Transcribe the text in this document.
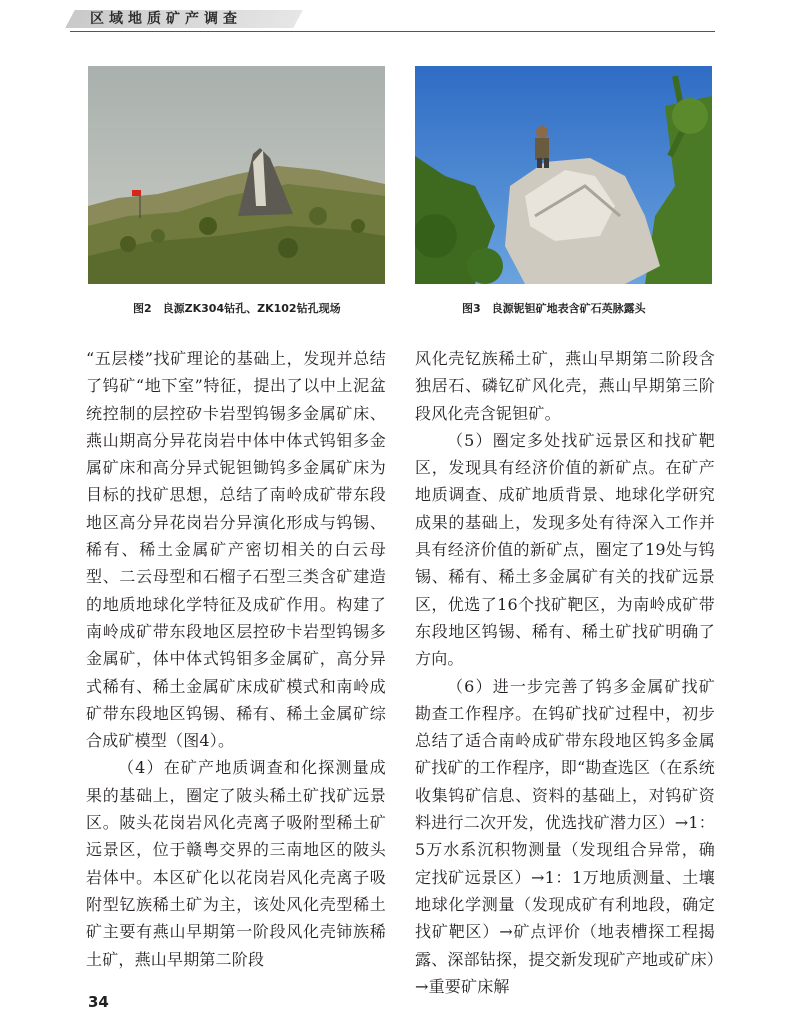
区域地质矿产调查
图2　良源ZK304钻孔、ZK102钻孔现场	图3　良源铌钽矿地表含矿石英脉露头

“五层楼”找矿理论的基础上，发现并总结了钨矿“地下室”特征，提出了以中上泥盆统控制的层控矽卡岩型钨锡多金属矿床、燕山期高分异花岗岩中体中体式钨钼多金属矿床和高分异式铌钽锄钨多金属矿床为目标的找矿思想，总结了南岭成矿带东段地区高分异花岗岩分异演化形成与钨锡、稀有、稀土金属矿产密切相关的白云母型、二云母型和石榴子石型三类含矿建造的地质地球化学特征及成矿作用。构建了南岭成矿带东段地区层控矽卡岩型钨锡多金属矿，体中体式钨钼多金属矿，高分异式稀有、稀土金属矿床成矿模式和南岭成矿带东段地区钨锡、稀有、稀土金属矿综合成矿模型（图4）。

（4）在矿产地质调查和化探测量成果的基础上，圈定了陂头稀土矿找矿远景区。陂头花岗岩风化壳离子吸附型稀土矿远景区，位于赣粤交界的三南地区的陂头岩体中。本区矿化以花岗岩风化壳离子吸附型钇族稀土矿为主，该处风化壳型稀土矿主要有燕山早期第一阶段风化壳铈族稀土矿，燕山早期第二阶段

风化壳钇族稀土矿，燕山早期第二阶段含独居石、磷钇矿风化壳，燕山早期第三阶段风化壳含铌钽矿。

（5）圈定多处找矿远景区和找矿靶区，发现具有经济价值的新矿点。在矿产地质调查、成矿地质背景、地球化学研究成果的基础上，发现多处有待深入工作并具有经济价值的新矿点，圈定了19处与钨锡、稀有、稀土多金属矿有关的找矿远景区，优选了16个找矿靶区，为南岭成矿带东段地区钨锡、稀有、稀土矿找矿明确了方向。

（6）进一步完善了钨多金属矿找矿勘查工作程序。在钨矿找矿过程中，初步总结了适合南岭成矿带东段地区钨多金属矿找矿的工作程序，即“勘查选区（在系统收集钨矿信息、资料的基础上，对钨矿资料进行二次开发，优选找矿潜力区）→1：5万水系沉积物测量（发现组合异常，确定找矿远景区）→1：1万地质测量、土壤地球化学测量（发现成矿有利地段，确定找矿靶区）→矿点评价（地表槽探工程揭露、深部钻探，提交新发现矿产地或矿床）→重要矿床解

34
